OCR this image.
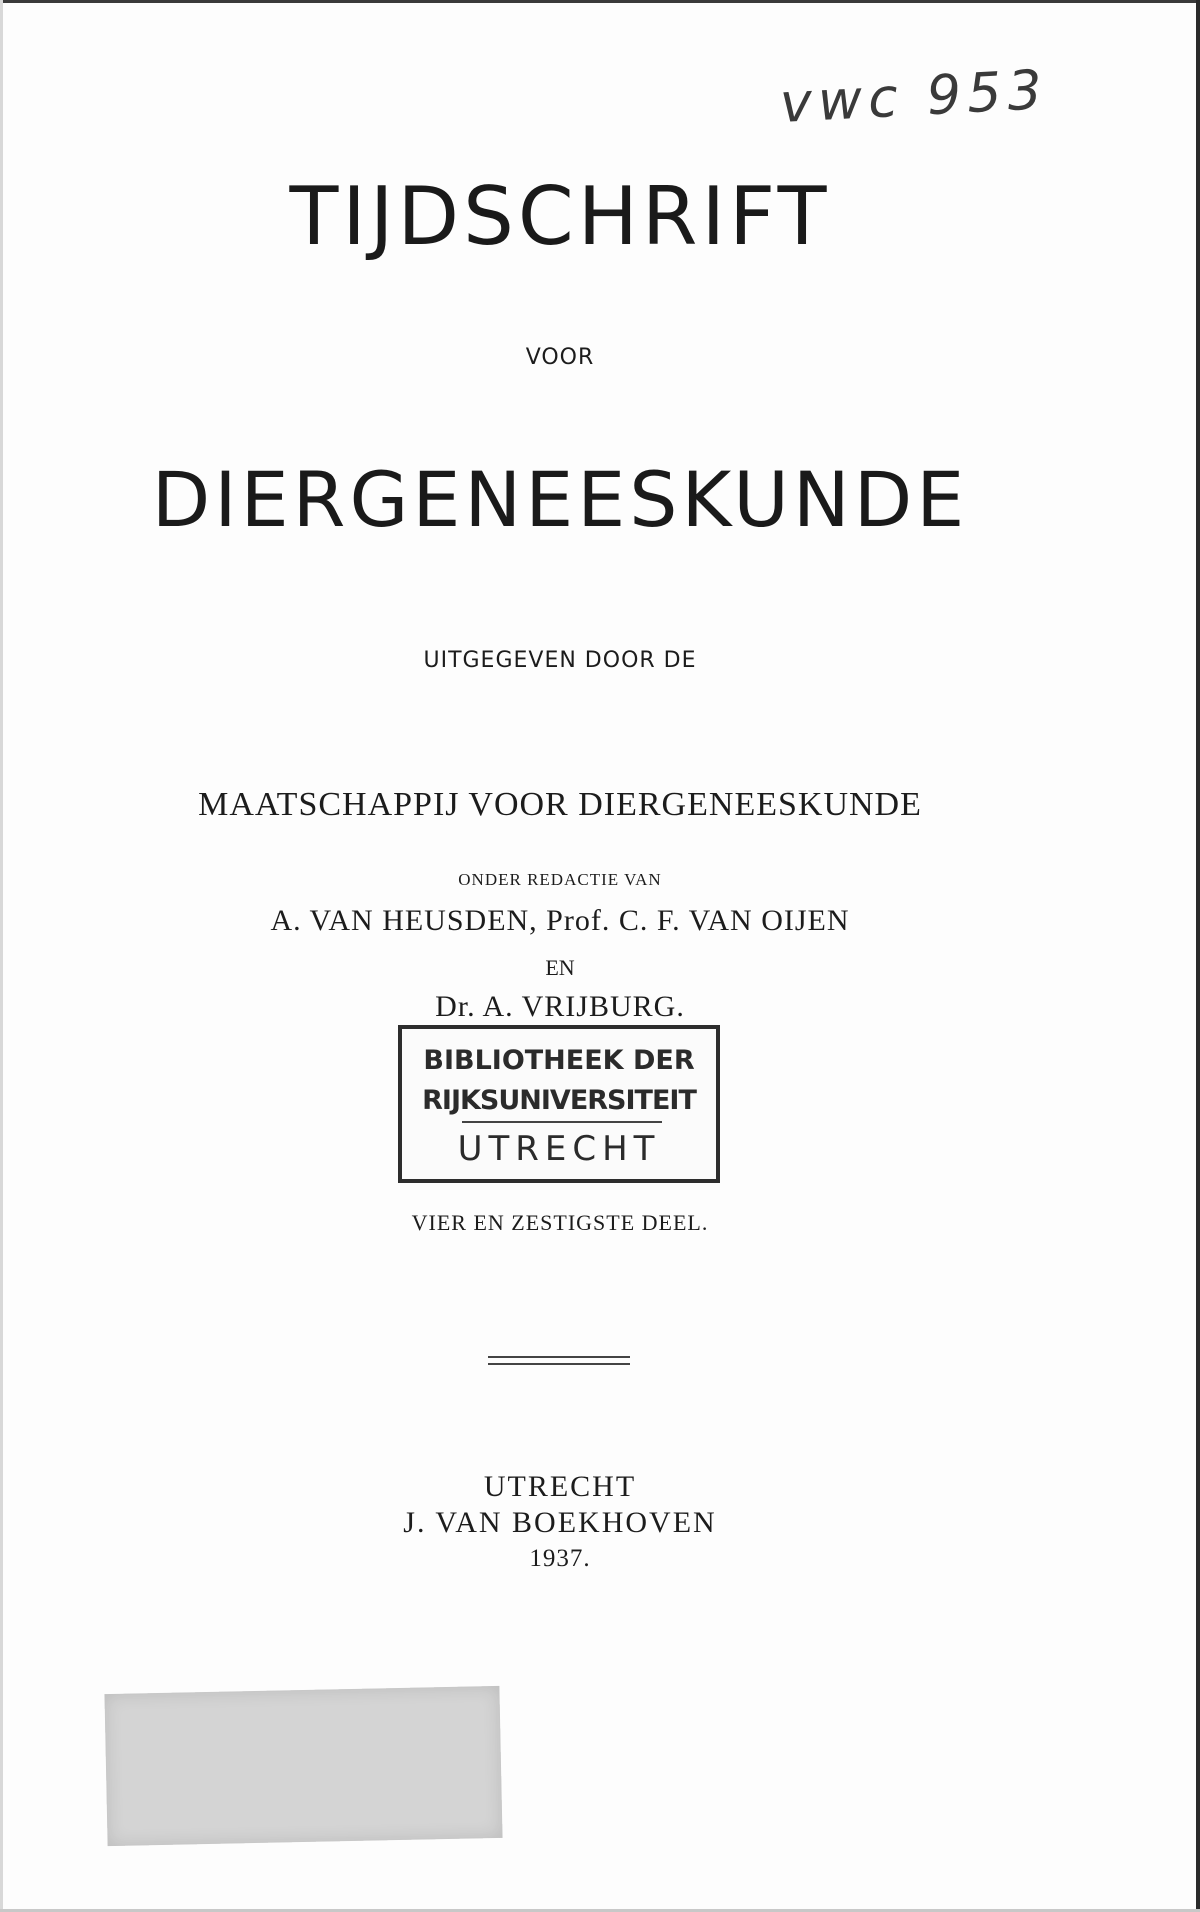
vwc 953
TIJDSCHRIFT
VOOR
DIERGENEESKUNDE
UITGEGEVEN DOOR DE
MAATSCHAPPIJ VOOR DIERGENEESKUNDE
ONDER REDACTIE VAN
A. VAN HEUSDEN, Prof. C. F. VAN OIJEN
EN
Dr. A. VRIJBURG.
BIBLIOTHEEK DER
RIJKSUNIVERSITEIT
UTRECHT
VIER EN ZESTIGSTE DEEL.
UTRECHT
J. VAN BOEKHOVEN
1937.
